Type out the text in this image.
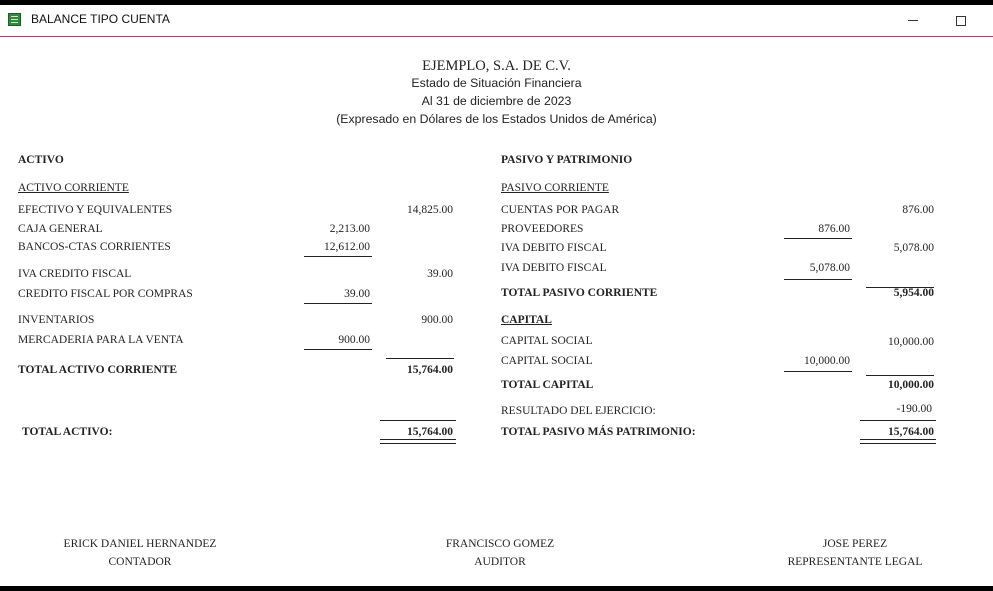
BALANCE TIPO CUENTA
EJEMPLO, S.A. DE C.V.
Estado de Situación Financiera
Al 31 de diciembre de 2023
(Expresado en Dólares de los Estados Unidos de América)
ACTIVO
ACTIVO CORRIENTE
EFECTIVO Y EQUIVALENTES	14,825.00
CAJA GENERAL	2,213.00
BANCOS-CTAS CORRIENTES	12,612.00
IVA CREDITO FISCAL	39.00
CREDITO FISCAL POR COMPRAS	39.00
INVENTARIOS	900.00
MERCADERIA PARA LA VENTA	900.00
TOTAL ACTIVO CORRIENTE	15,764.00
TOTAL ACTIVO:	15,764.00
PASIVO Y PATRIMONIO
PASIVO CORRIENTE
CUENTAS POR PAGAR	876.00
PROVEEDORES	876.00
IVA DEBITO FISCAL	5,078.00
IVA DEBITO FISCAL	5,078.00
TOTAL PASIVO CORRIENTE	5,954.00
CAPITAL
CAPITAL SOCIAL	10,000.00
CAPITAL SOCIAL	10,000.00
TOTAL CAPITAL	10,000.00
RESULTADO DEL EJERCICIO:	-190.00
TOTAL PASIVO MÁS PATRIMONIO:	15,764.00
ERICK DANIEL HERNANDEZ
CONTADOR
FRANCISCO GOMEZ
AUDITOR
JOSE PEREZ
REPRESENTANTE LEGAL
